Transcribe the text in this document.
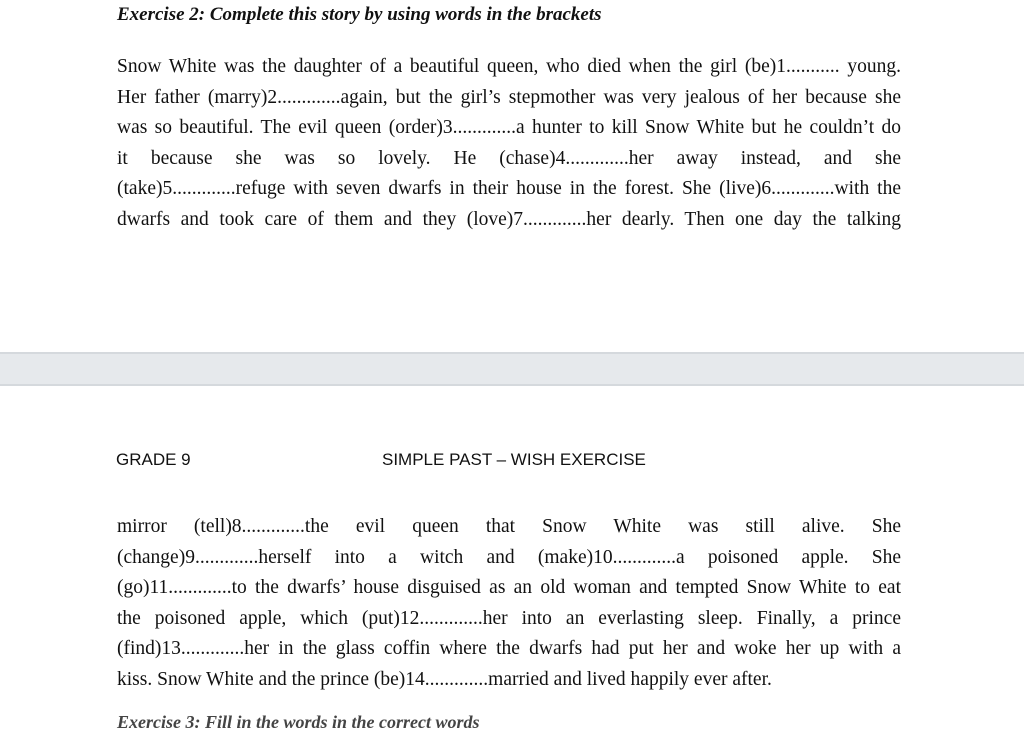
Exercise 2: Complete this story by using words in the brackets
Snow White was the daughter of a beautiful queen, who died when the girl (be)1........... young.
Her father (marry)2.............again, but the girl’s stepmother was very jealous of her because she
was so beautiful. The evil queen (order)3.............a hunter to kill Snow White but he couldn’t do
it because she was so lovely. He (chase)4.............her away instead, and she
(take)5.............refuge with seven dwarfs in their house in the forest. She (live)6.............with the
dwarfs and took care of them and they (love)7.............her dearly. Then one day the talking
GRADE 9	SIMPLE PAST – WISH EXERCISE
mirror (tell)8.............the evil queen that Snow White was still alive. She
(change)9.............herself into a witch and (make)10.............a poisoned apple. She
(go)11.............to the dwarfs’ house disguised as an old woman and tempted Snow White to eat
the poisoned apple, which (put)12.............her into an everlasting sleep. Finally, a prince
(find)13.............her in the glass coffin where the dwarfs had put her and woke her up with a
kiss. Snow White and the prince (be)14.............married and lived happily ever after.
Exercise 3: Fill in the words in the correct words
